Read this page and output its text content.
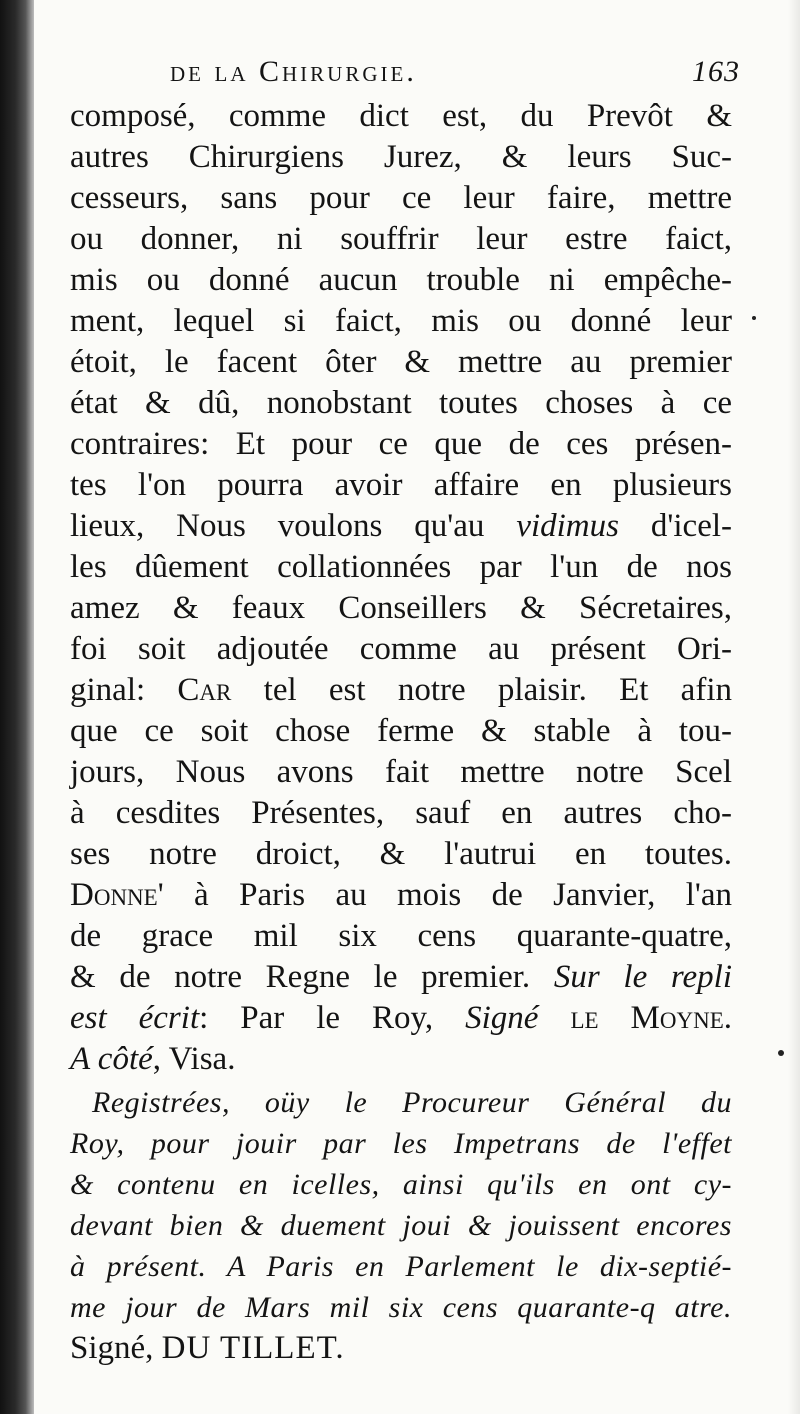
de la Chirurgie.	163
composé, comme dict est, du Prevôt &
autres Chirurgiens Jurez, & leurs Suc-
cesseurs, sans pour ce leur faire, mettre
ou donner, ni souffrir leur estre faict,
mis ou donné aucun trouble ni empêche-
ment, lequel si faict, mis ou donné leur
étoit, le facent ôter & mettre au premier
état & dû, nonobstant toutes choses à ce
contraires: Et pour ce que de ces présen-
tes l'on pourra avoir affaire en plusieurs
lieux, Nous voulons qu'au vidimus d'icel-
les dûement collationnées par l'un de nos
amez & feaux Conseillers & Sécretaires,
foi soit adjoutée comme au présent Ori-
ginal: Car tel est notre plaisir. Et afin
que ce soit chose ferme & stable à tou-
jours, Nous avons fait mettre notre Scel
à cesdites Présentes, sauf en autres cho-
ses notre droict, & l'autrui en toutes.
Donne' à Paris au mois de Janvier, l'an
de grace mil six cens quarante-quatre,
& de notre Regne le premier. Sur le repli
est écrit: Par le Roy, Signé le Moyne.
A côté, Visa.
Registrées, oüy le Procureur Général du
Roy, pour jouir par les Impetrans de l'effet
& contenu en icelles, ainsi qu'ils en ont cy-
devant bien & duement joui & jouissent encores
à présent. A Paris en Parlement le dix-septié-
me jour de Mars mil six cens quarante-q atre.
Signé, DU TILLET.
